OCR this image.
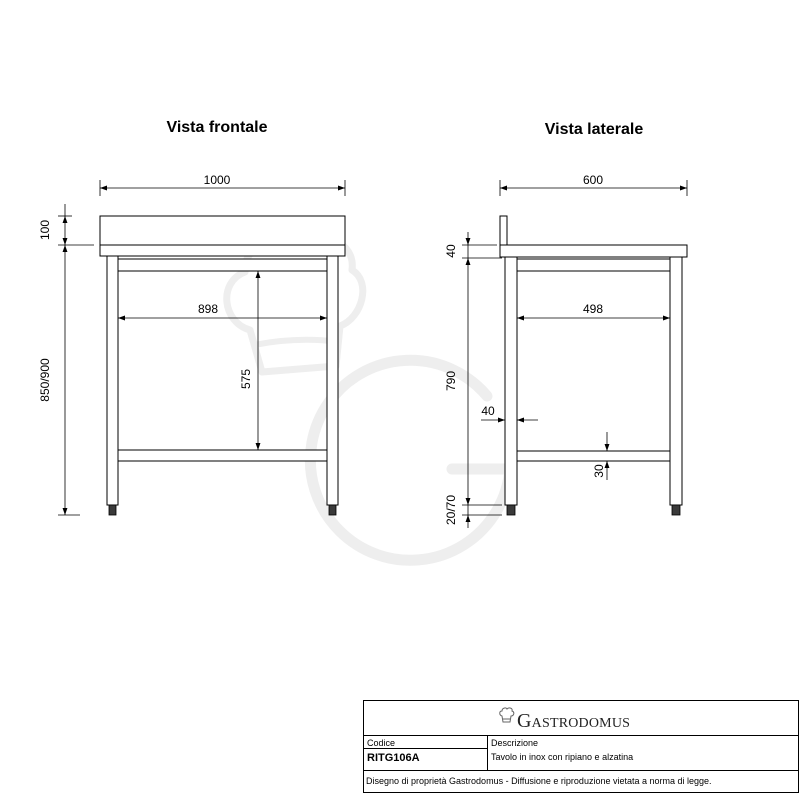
Vista frontale	Vista laterale
1000
100
850/900
898
575
600
40
790
20/70
498
40
30
GASTRODOMUS
Codice
RITG106A
Descrizione
Tavolo in inox con ripiano e alzatina
Disegno di proprietà Gastrodomus - Diffusione e riproduzione vietata a norma di legge.
